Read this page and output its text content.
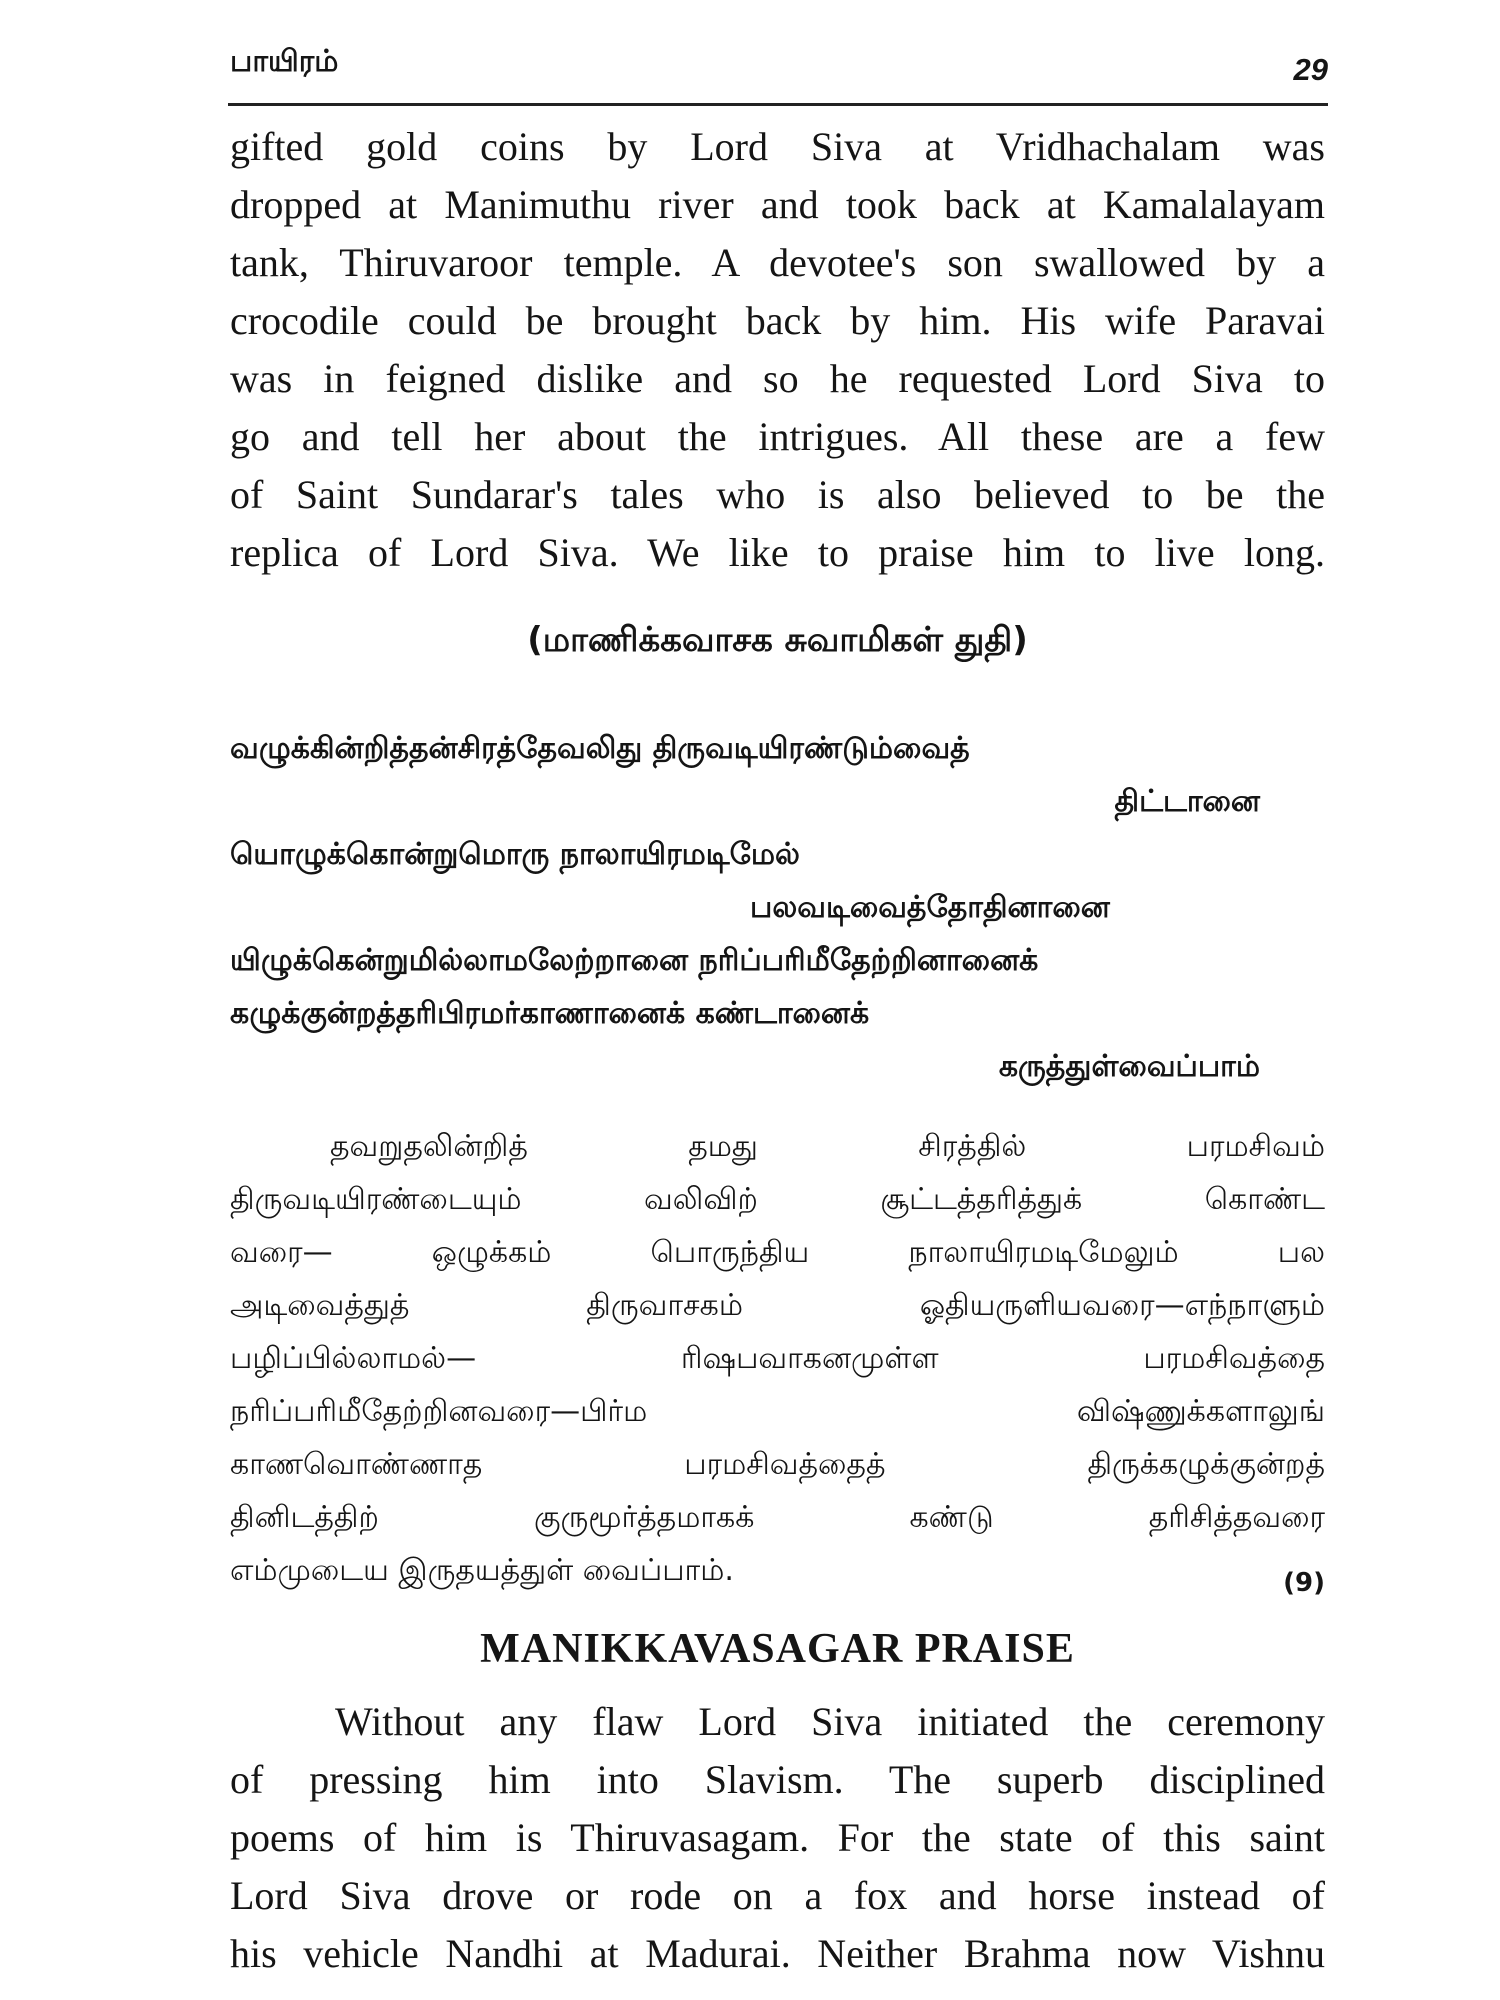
பாயிரம்	29

gifted gold coins by Lord Siva at Vridhachalam was
dropped at Manimuthu river and took back at Kamalalayam
tank, Thiruvaroor temple. A devotee's son swallowed by a
crocodile could be brought back by him. His wife Paravai
was in feigned dislike and so he requested Lord Siva to
go and tell her about the intrigues. All these are a few
of Saint Sundarar's tales who is also believed to be the
replica of Lord Siva. We like to praise him to live long.

(மாணிக்கவாசக சுவாமிகள் துதி)

வழுக்கின்றித்தன்சிரத்தேவலிது திருவடியிரண்டும்வைத்
திட்டானை
யொழுக்கொன்றுமொரு நாலாயிரமடிமேல்
பலவடிவைத்தோதினானை
யிழுக்கென்றுமில்லாமலேற்றானை நரிப்பரிமீதேற்றினானைக்
கழுக்குன்றத்தரிபிரமர்காணானைக் கண்டானைக்
கருத்துள்வைப்பாம்

தவறுதலின்றித் தமது சிரத்தில் பரமசிவம்
திருவடியிரண்டையும் வலிவிற் சூட்டத்தரித்துக் கொண்ட
வரை— ஒழுக்கம் பொருந்திய நாலாயிரமடிமேலும் பல
அடிவைத்துத் திருவாசகம் ஓதியருளியவரை—எந்நாளும்
பழிப்பில்லாமல்— ரிஷபவாகனமுள்ள பரமசிவத்தை
நரிப்பரிமீதேற்றினவரை—பிர்ம விஷ்ணுக்களாலுங்
காணவொண்ணாத பரமசிவத்தைத் திருக்கழுக்குன்றத்
தினிடத்திற் குருமூர்த்தமாகக் கண்டு தரிசித்தவரை
எம்முடைய இருதயத்துள் வைப்பாம்.	(9)
MANIKKAVASAGAR PRAISE

Without any flaw Lord Siva initiated the ceremony
of pressing him into Slavism. The superb disciplined
poems of him is Thiruvasagam. For the state of this saint
Lord Siva drove or rode on a fox and horse instead of
his vehicle Nandhi at Madurai. Neither Brahma now Vishnu
